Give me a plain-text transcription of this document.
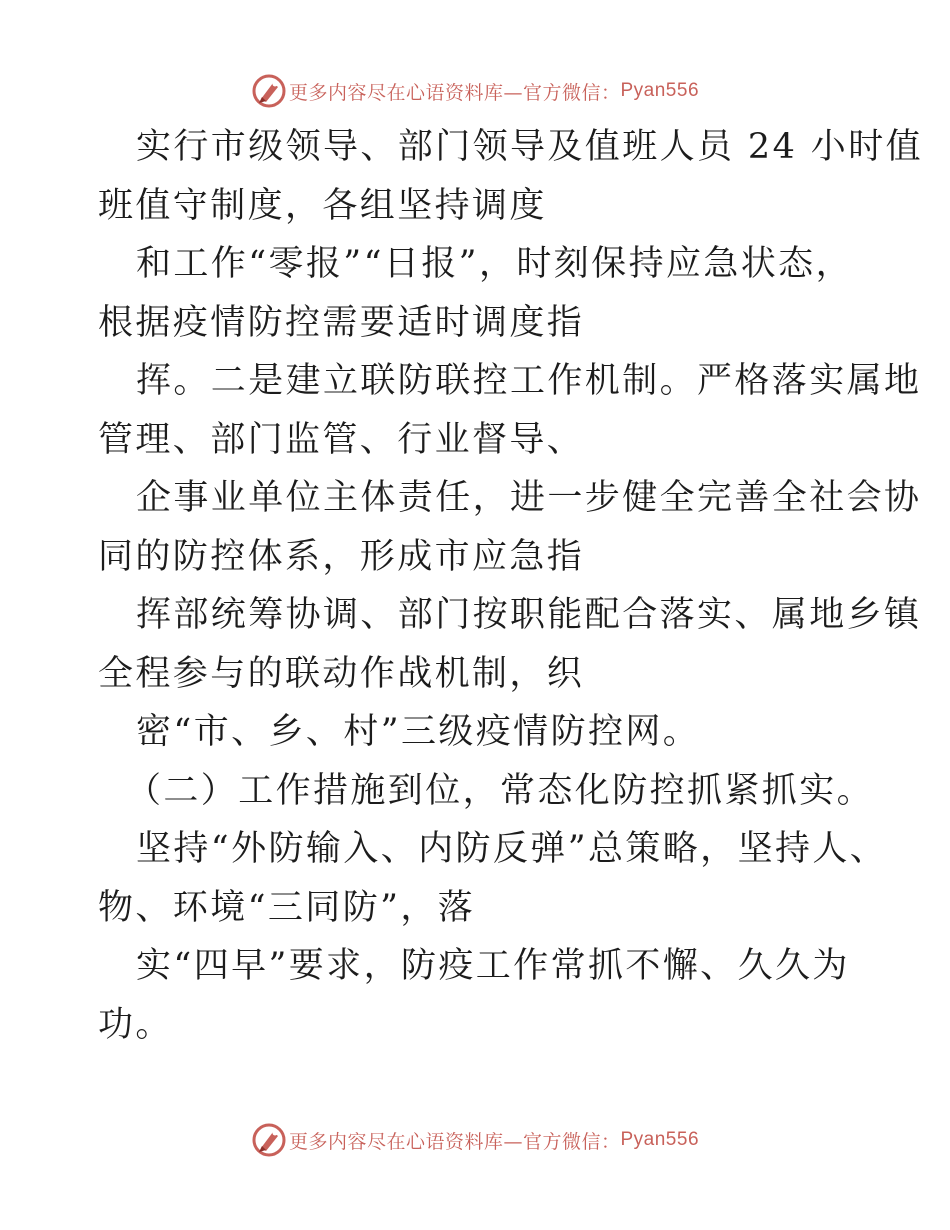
更多内容尽在心语资料库—官方微信： Pyan556

实行市级领导、部门领导及值班人员 24 小时值

班值守制度，各组坚持调度

和工作“零报”“日报”，时刻保持应急状态，

根据疫情防控需要适时调度指

挥。二是建立联防联控工作机制。严格落实属地

管理、部门监管、行业督导、

企事业单位主体责任，进一步健全完善全社会协

同的防控体系，形成市应急指

挥部统筹协调、部门按职能配合落实、属地乡镇

全程参与的联动作战机制，织

密“市、乡、村”三级疫情防控网。

（二）工作措施到位，常态化防控抓紧抓实。

坚持“外防输入、内防反弹”总策略，坚持人、

物、环境“三同防”，落

实“四早”要求，防疫工作常抓不懈、久久为

功。

更多内容尽在心语资料库—官方微信： Pyan556
